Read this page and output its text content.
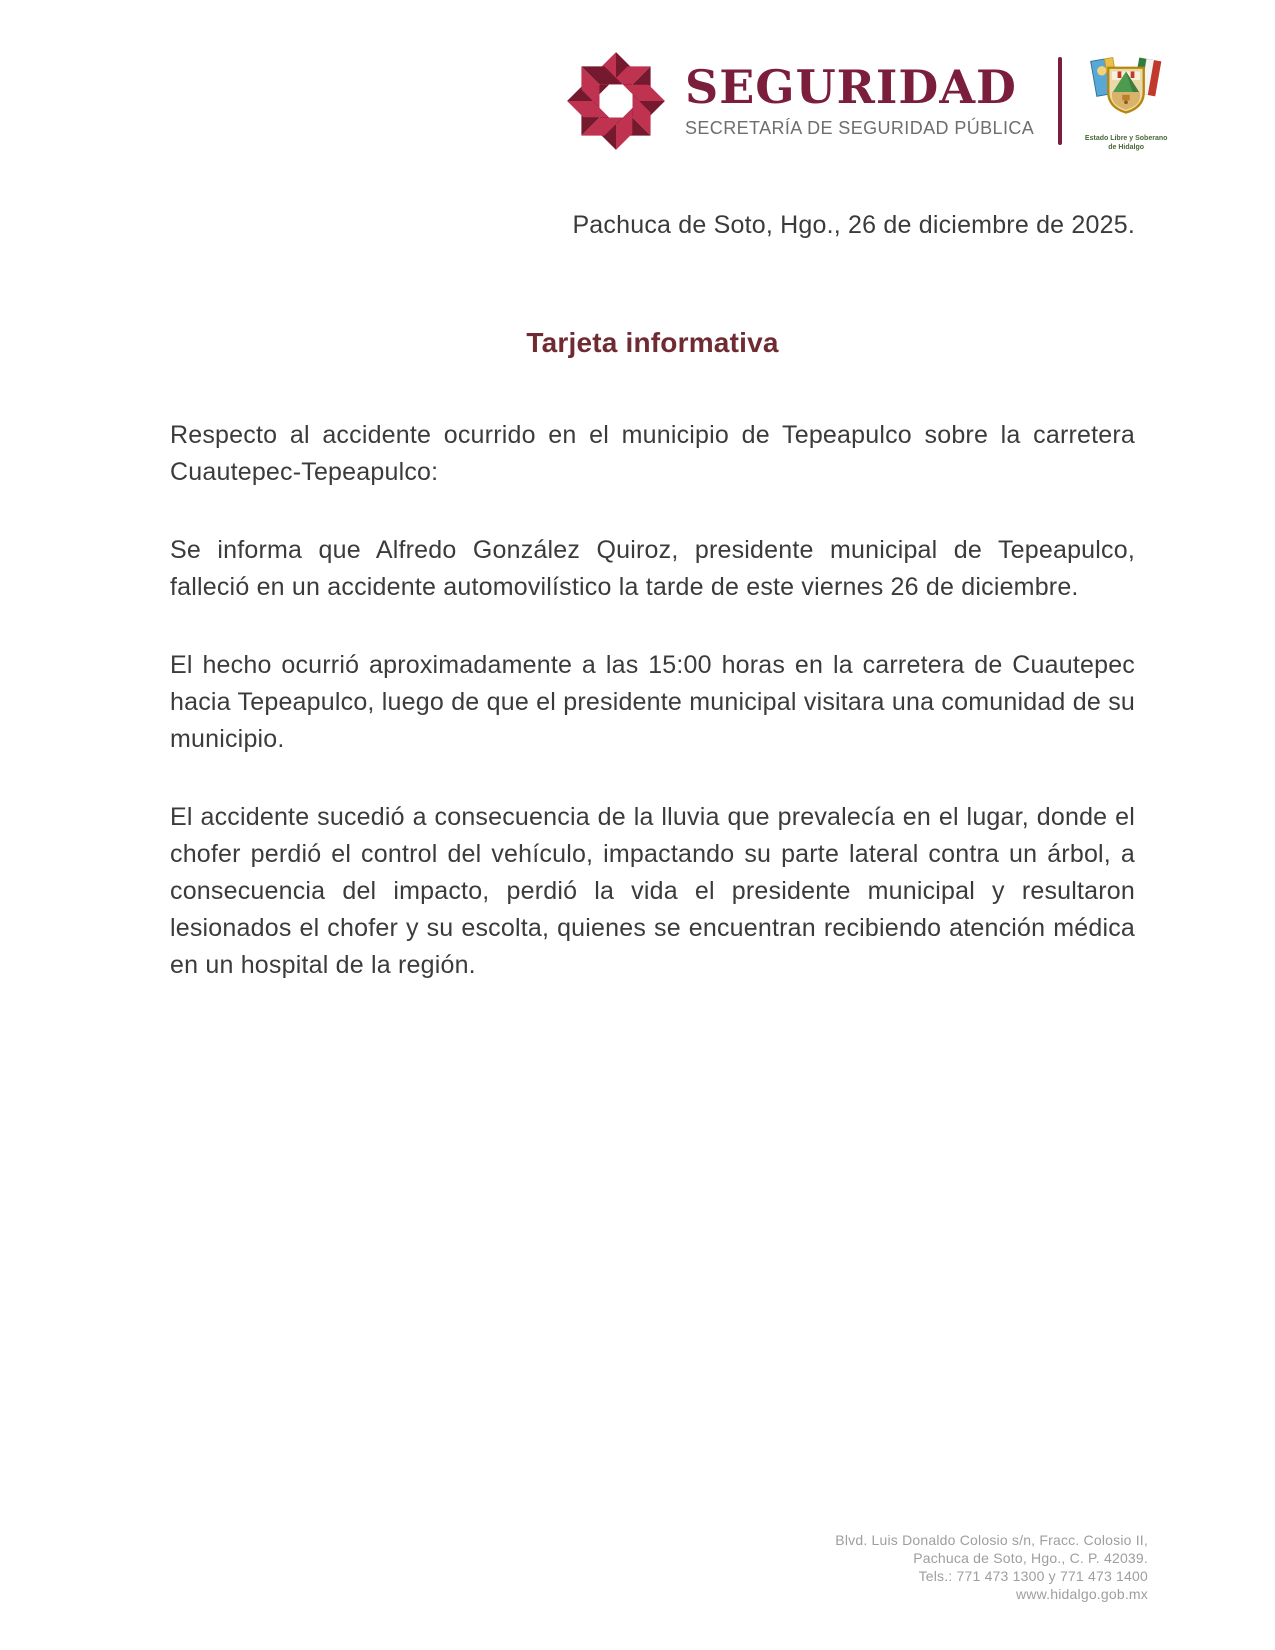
SEGURIDAD
SECRETARÍA DE SEGURIDAD PÚBLICA
Estado Libre y Soberano
de Hidalgo
Pachuca de Soto, Hgo., 26 de diciembre de 2025.
Tarjeta informativa

Respecto al accidente ocurrido en el municipio de Tepeapulco sobre la carretera Cuautepec-Tepeapulco:

Se informa que Alfredo González Quiroz, presidente municipal de Tepeapulco, falleció en un accidente automovilístico la tarde de este viernes 26 de diciembre.

El hecho ocurrió aproximadamente a las 15:00 horas en la carretera de Cuautepec hacia Tepeapulco, luego de que el presidente municipal visitara una comunidad de su municipio.

El accidente sucedió a consecuencia de la lluvia que prevalecía en el lugar, donde el chofer perdió el control del vehículo, impactando su parte lateral contra un árbol, a consecuencia del impacto, perdió la vida el presidente municipal y resultaron lesionados el chofer y su escolta, quienes se encuentran recibiendo atención médica en un hospital de la región.

Blvd. Luis Donaldo Colosio s/n, Fracc. Colosio II,
Pachuca de Soto, Hgo., C. P. 42039.
Tels.: 771 473 1300 y 771 473 1400
www.hidalgo.gob.mx
